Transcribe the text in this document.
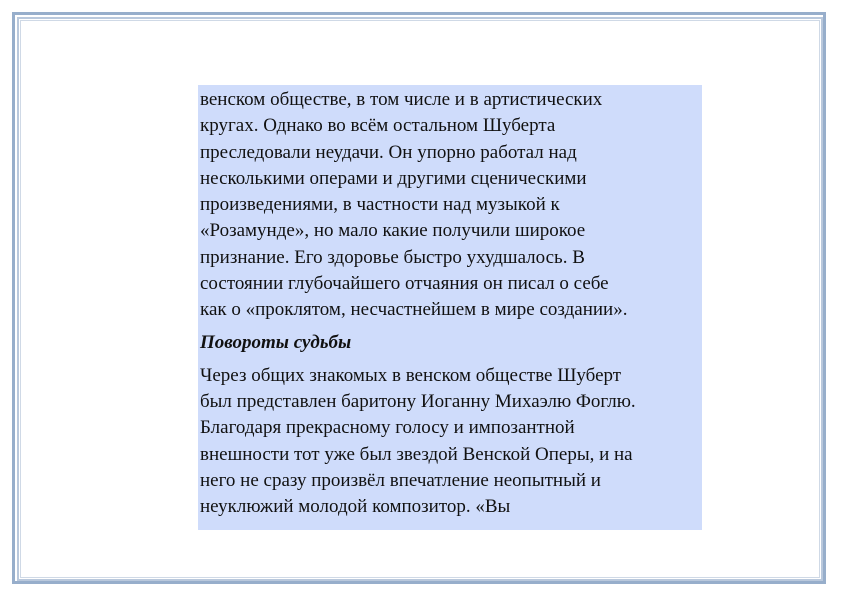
венском обществе, в том числе и в артистических
кругах. Однако во всём остальном Шуберта
преследовали неудачи. Он упорно работал над
несколькими операми и другими сценическими
произведениями, в частности над музыкой к
«Розамунде», но мало какие получили широкое
признание. Его здоровье быстро ухудшалось. В
состоянии глубочайшего отчаяния он писал о себе
как о «проклятом, несчастнейшем в мире создании».

Повороты судьбы

Через общих знакомых в венском обществе Шуберт
был представлен баритону Иоганну Михаэлю Фоглю.
Благодаря прекрасному голосу и импозантной
внешности тот уже был звездой Венской Оперы, и на
него не сразу произвёл впечатление неопытный и
неуклюжий молодой композитор. «Вы
